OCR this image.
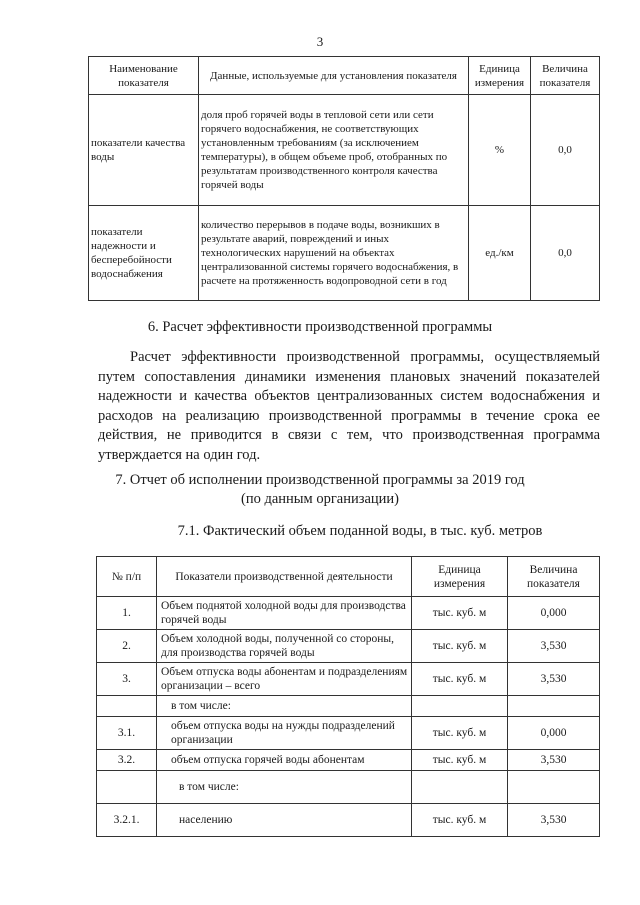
3
Наименование показателя	Данные, используемые для установления показателя	Единица измерения	Величина показателя
показатели качества воды	доля проб горячей воды в тепловой сети или сети горячего водоснабжения, не соответствующих установленным требованиям (за исключением температуры), в общем объеме проб, отобранных по результатам производственного контроля качества горячей воды	%	0,0
показатели надежности и бесперебойности водоснабжения	количество перерывов в подаче воды, возникших в результате аварий, повреждений и иных технологических нарушений на объектах централизованной системы горячего водоснабжения, в расчете на протяженность водопроводной сети в год	ед./км	0,0
6. Расчет эффективности производственной программы
Расчет эффективности производственной программы, осуществляемый путем сопоставления динамики изменения плановых значений показателей надежности и качества объектов централизованных систем водоснабжения и расходов на реализацию производственной программы в течение срока ее действия, не приводится в связи с тем, что производственная программа утверждается на один год.
7. Отчет об исполнении производственной программы за 2019 год
(по данным организации)
7.1. Фактический объем поданной воды, в тыс. куб. метров
№ п/п	Показатели производственной деятельности	Единица измерения	Величина показателя
1.	Объем поднятой холодной воды для производства горячей воды	тыс. куб. м	0,000
2.	Объем холодной воды, полученной со стороны, для производства горячей воды	тыс. куб. м	3,530
3.	Объем отпуска воды абонентам и подразделениям организации – всего	тыс. куб. м	3,530
	в том числе:		
3.1.	объем отпуска воды на нужды подразделений организации	тыс. куб. м	0,000
3.2.	объем отпуска горячей воды абонентам	тыс. куб. м	3,530
	в том числе:		
3.2.1.	населению	тыс. куб. м	3,530
